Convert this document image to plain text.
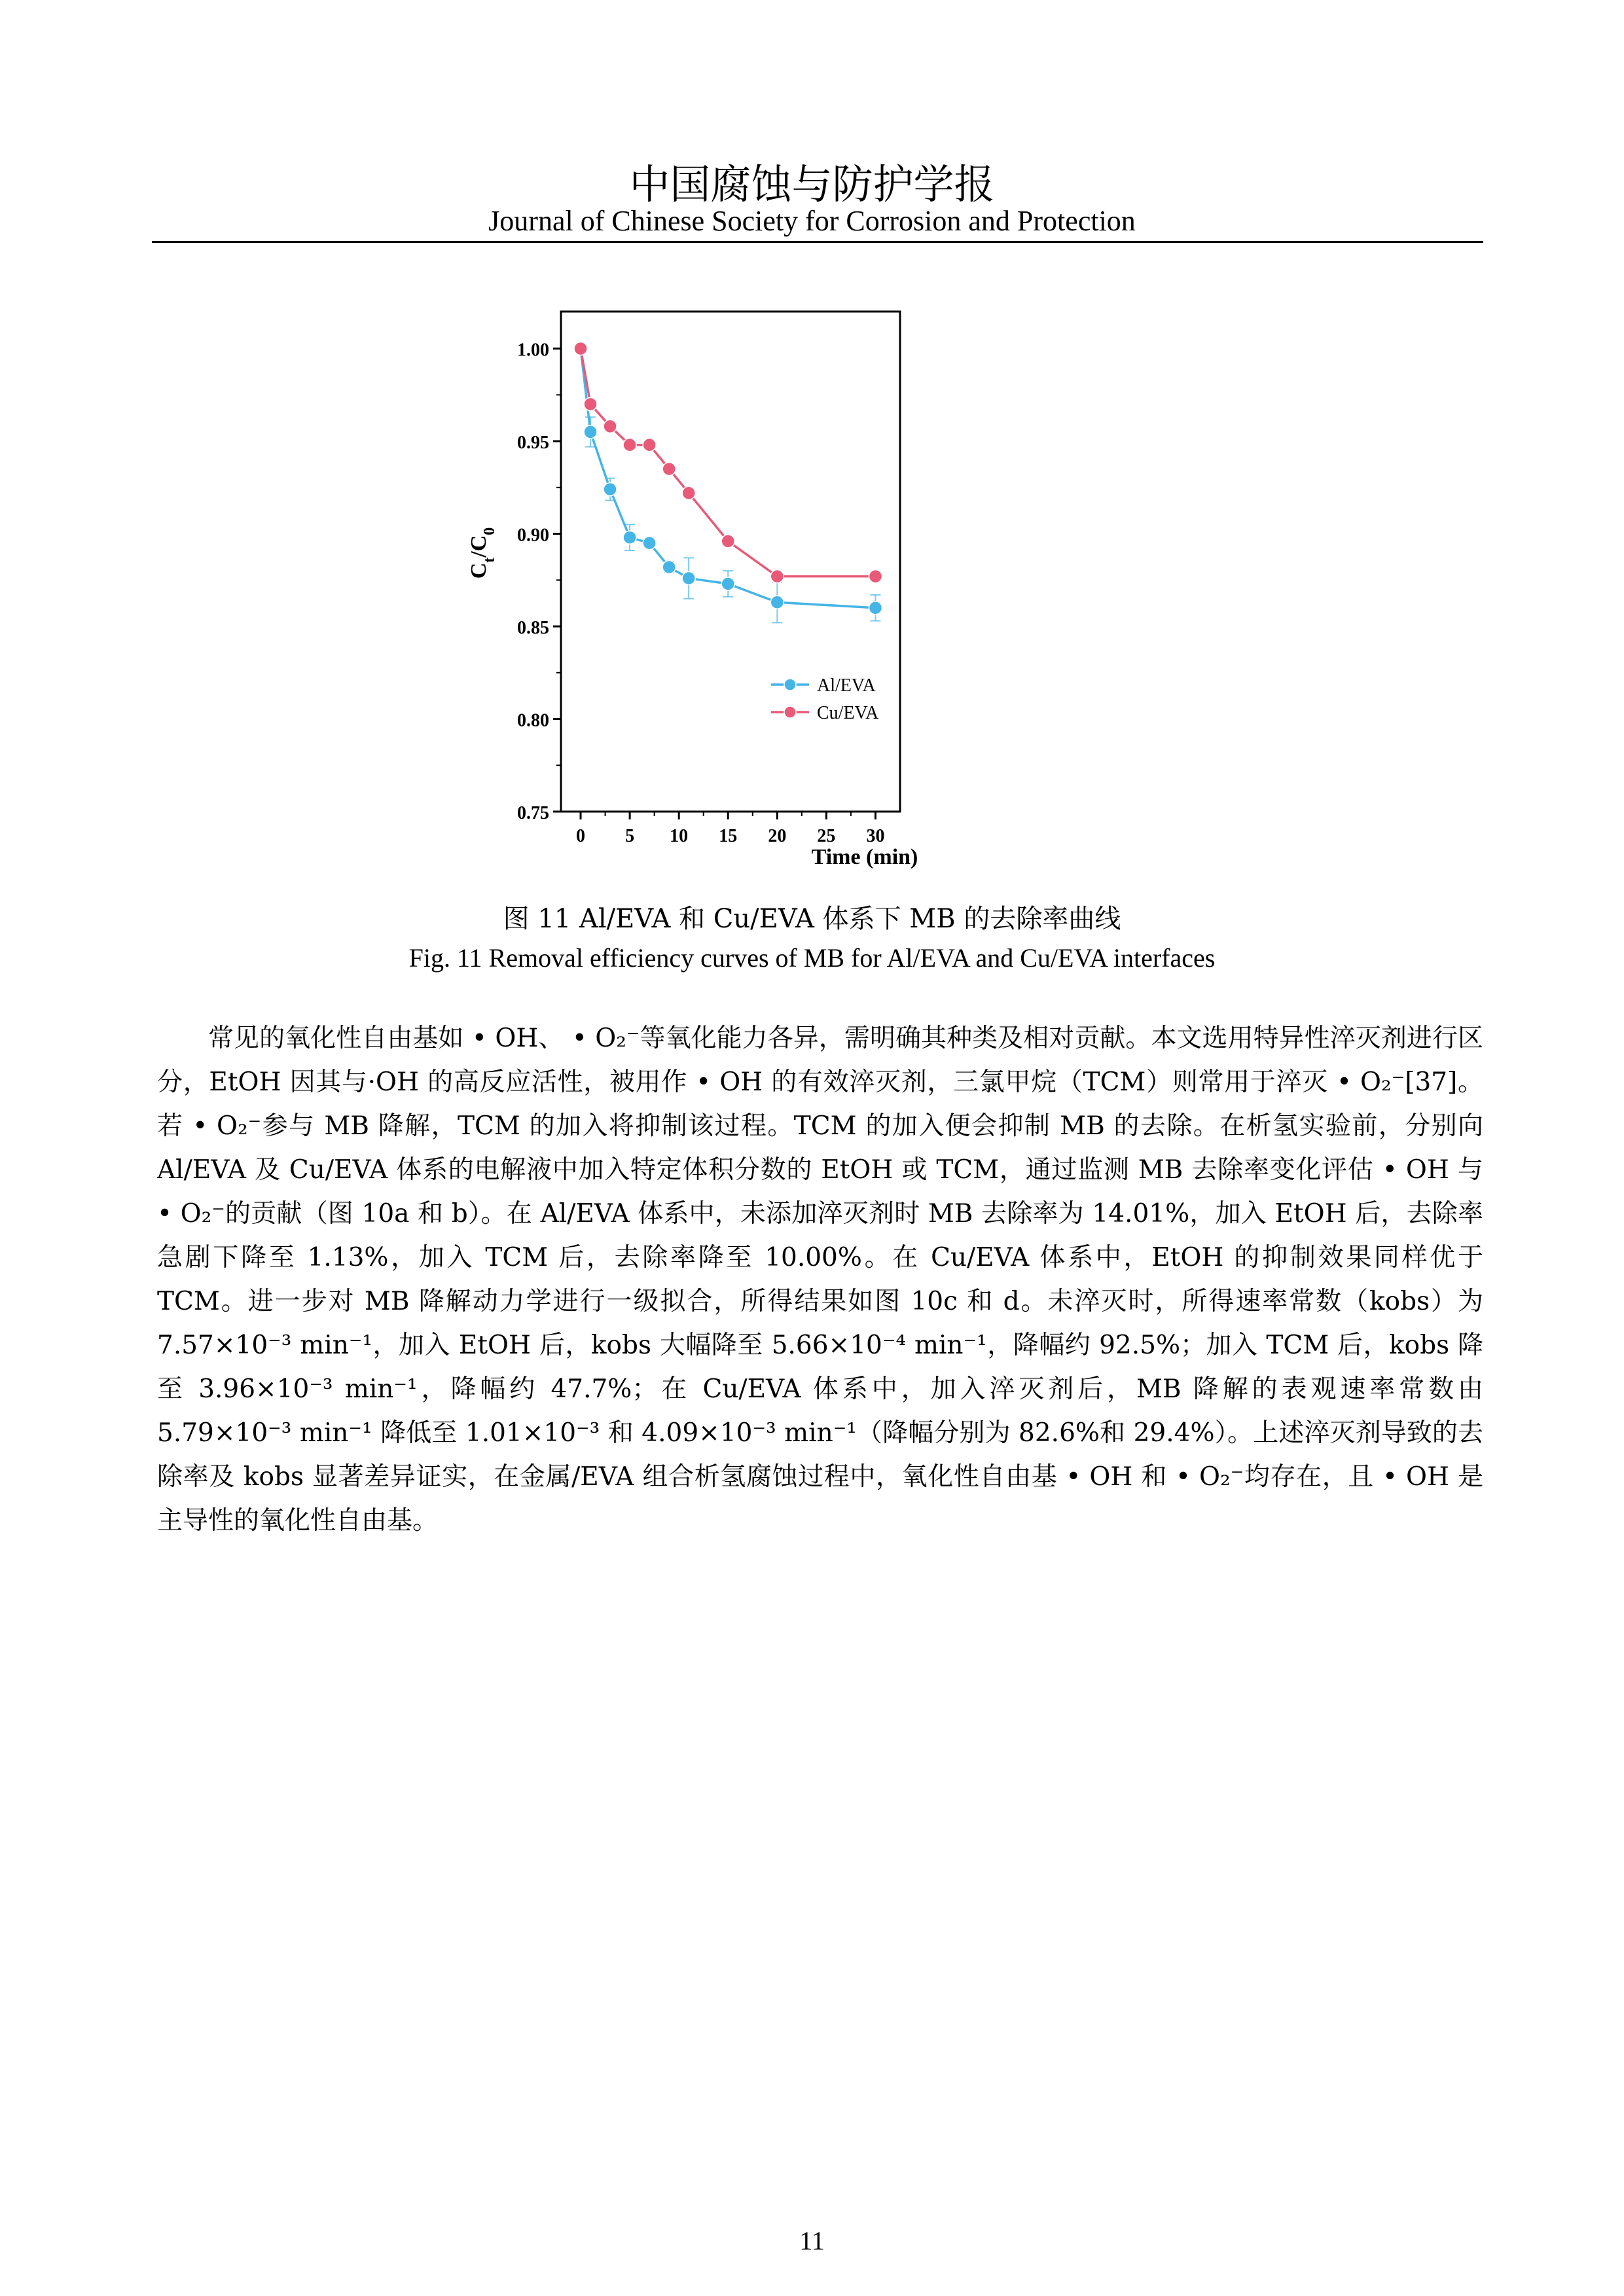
中国腐蚀与防护学报
Journal of Chinese Society for Corrosion and Protection
0.75
0.80
0.85
0.90
0.95
1.00
0 5 10 15 20 25 30
Al/EVA
Cu/EVA
Time (min)
$C_t/C_0$
图 11 Al/EVA 和 Cu/EVA 体系下 MB 的去除率曲线
Fig. 11 Removal efficiency curves of MB for Al/EVA and Cu/EVA interfaces

常见的氧化性自由基如 • OH、 • O₂⁻等氧化能力各异，需明确其种类及相对贡献。本文选用特异性淬灭剂进行区分，EtOH 因其与·OH 的高反应活性，被用作 • OH 的有效淬灭剂，三氯甲烷（TCM）则常用于淬灭 • O₂⁻[37]。若 • O₂⁻参与 MB 降解，TCM 的加入将抑制该过程。TCM 的加入便会抑制 MB 的去除。在析氢实验前，分别向 Al/EVA 及 Cu/EVA 体系的电解液中加入特定体积分数的 EtOH 或 TCM，通过监测 MB 去除率变化评估 • OH 与 • O₂⁻的贡献（图 10a 和 b）。在 Al/EVA 体系中，未添加淬灭剂时 MB 去除率为 14.01%，加入 EtOH 后，去除率急剧下降至 1.13%，加入 TCM 后，去除率降至 10.00%。在 Cu/EVA 体系中，EtOH 的抑制效果同样优于 TCM。进一步对 MB 降解动力学进行一级拟合，所得结果如图 10c 和 d。未淬灭时，所得速率常数（kobs）为 7.57×10⁻³ min⁻¹，加入 EtOH 后，kobs 大幅降至 5.66×10⁻⁴ min⁻¹，降幅约 92.5%；加入 TCM 后，kobs 降至 3.96×10⁻³ min⁻¹，降幅约 47.7%；在 Cu/EVA 体系中，加入淬灭剂后，MB 降解的表观速率常数由 5.79×10⁻³ min⁻¹ 降低至 1.01×10⁻³ 和 4.09×10⁻³ min⁻¹（降幅分别为 82.6%和 29.4%）。上述淬灭剂导致的去除率及 kobs 显著差异证实，在金属/EVA 组合析氢腐蚀过程中，氧化性自由基 • OH 和 • O₂⁻均存在，且 • OH 是主导性的氧化性自由基。

11
